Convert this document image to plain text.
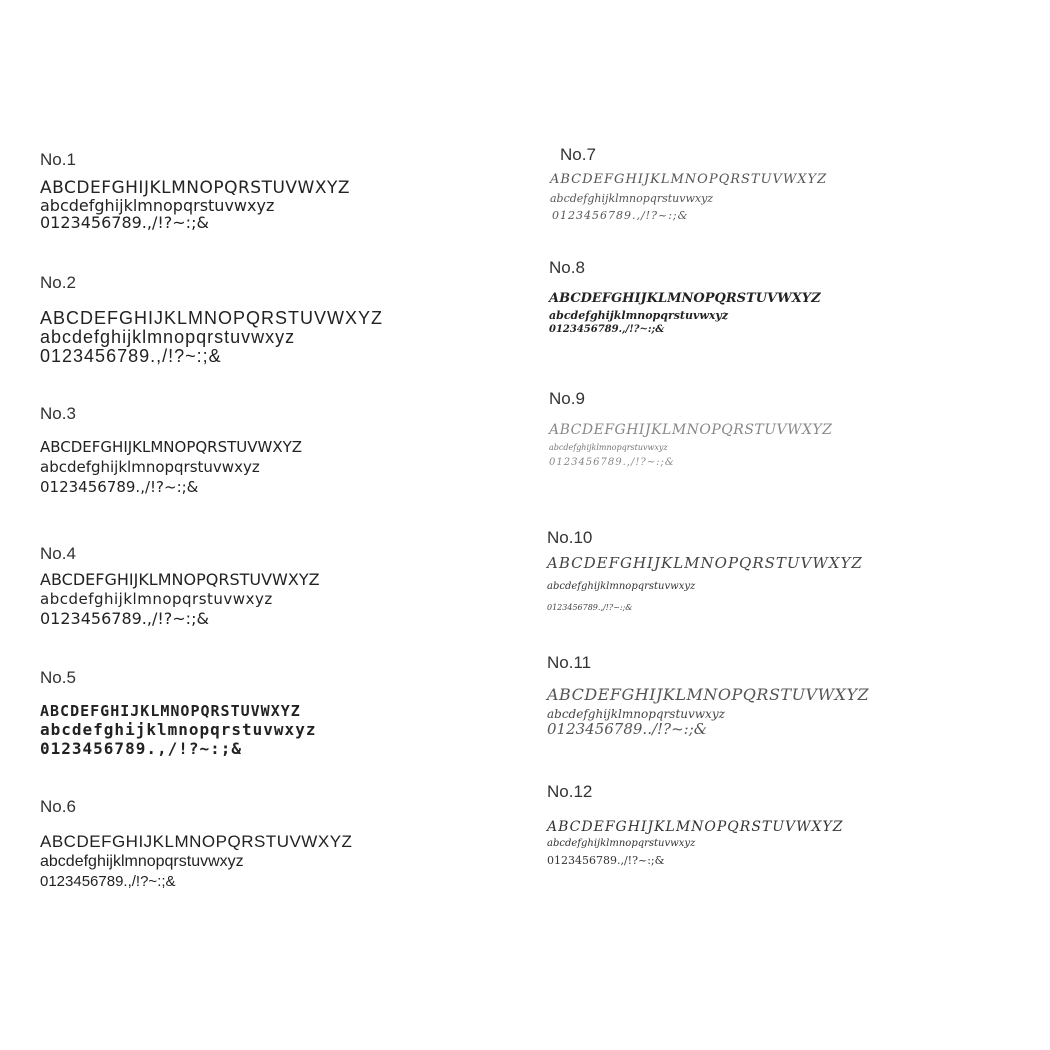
No.1
ABCDEFGHIJKLMNOPQRSTUVWXYZ
abcdefghijklmnopqrstuvwxyz
0123456789.,/!?~:;&
No.2
ABCDEFGHIJKLMNOPQRSTUVWXYZ
abcdefghijklmnopqrstuvwxyz
0123456789.,/!?~:;&
No.3
ABCDEFGHIJKLMNOPQRSTUVWXYZ
abcdefghijklmnopqrstuvwxyz
0123456789.,/!?~:;&
No.4
ABCDEFGHIJKLMNOPQRSTUVWXYZ
abcdefghijklmnopqrstuvwxyz
0123456789.,/!?~:;&
No.5
ABCDEFGHIJKLMNOPQRSTUVWXYZ
abcdefghijklmnopqrstuvwxyz
0123456789.,/!?~:;&
No.6
ABCDEFGHIJKLMNOPQRSTUVWXYZ
abcdefghijklmnopqrstuvwxyz
0123456789.,/!?~:;&
No.7
ABCDEFGHIJKLMNOPQRSTUVWXYZ
abcdefghijklmnopqrstuvwxyz
0123456789.,/!?~:;&
No.8
ABCDEFGHIJKLMNOPQRSTUVWXYZ
abcdefghijklmnopqrstuvwxyz
0123456789.,/!?~:;&
No.9
ABCDEFGHIJKLMNOPQRSTUVWXYZ
abcdefghijklmnopqrstuvwxyz
0123456789.,/!?~:;&
No.10
ABCDEFGHIJKLMNOPQRSTUVWXYZ
abcdefghijklmnopqrstuvwxyz
0123456789.,/!?~:;&
No.11
ABCDEFGHIJKLMNOPQRSTUVWXYZ
abcdefghijklmnopqrstuvwxyz
0123456789../!?~:;&
No.12
ABCDEFGHIJKLMNOPQRSTUVWXYZ
abcdefghijklmnopqrstuvwxyz
0123456789.,/!?~:;&
